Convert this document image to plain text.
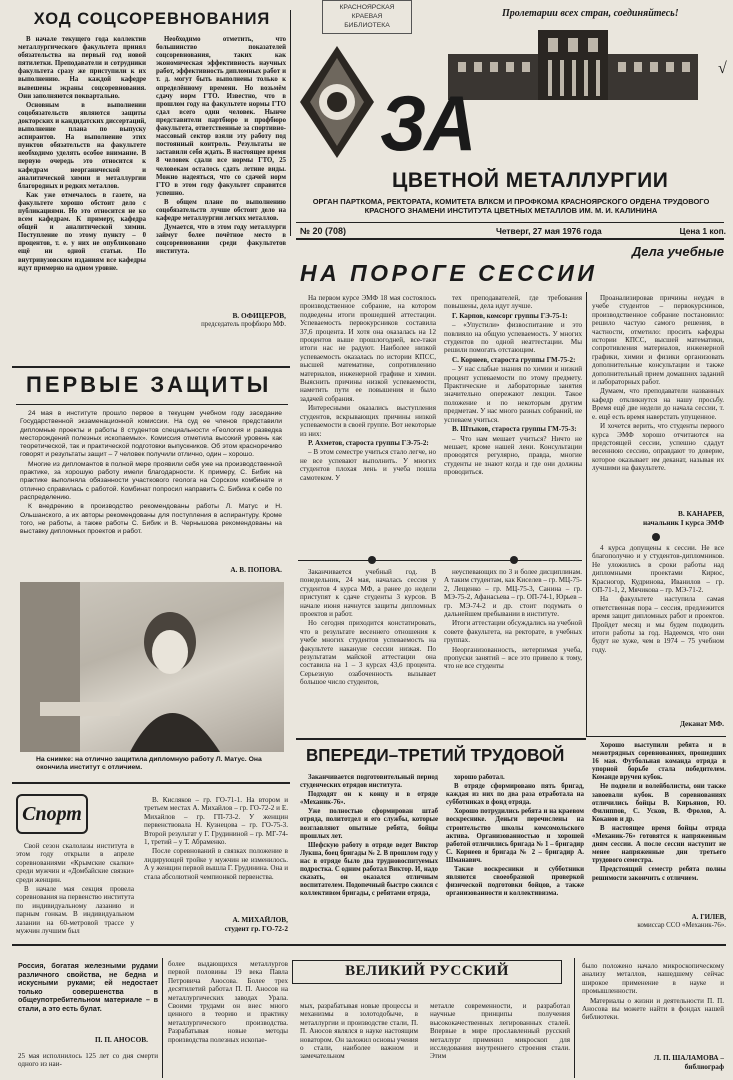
ХОД СОЦСОРЕВНОВАНИЯ

В начале текущего года коллектив металлургического факультета принял обязательства на первый год новой пятилетки. Преподаватели и сотрудники факультета сразу же приступили к их выполнению. На каждой кафедре вывешены экраны соцсоревнования. Они заполняются поквартально.

Основным в выполнении соцобязательств являются защиты докторских и кандидатских диссертаций, выполнение плана по выпуску аспирантов. На выполнение этих пунктов обязательств на факультете необходимо уделять особое внимание. В первую очередь это относится к кафедрам неорганической и аналитической химии и металлургии благородных и редких металлов.

Как уже отмечалось в газете, на факультете хорошо обстоит дело с публикациями. Но это относится не ко всем кафедрам. К примеру, кафедра общей и аналитической химии. Поступление по этому пункту – 0 процентов, т. е. у них не опубликовано ещё ни одной статьи. По внутривузовским изданиям все кафедры идут примерно на одном уровне.

Необходимо отметить, что большинство показателей соцсоревнования, таких как экономическая эффективность научных работ, эффективность дипломных работ и т. д. могут быть выполнены только к определённому времени. Но возьмём сдачу норм ГТО. Известно, что в прошлом году на факультете нормы ГТО сдал всего один человек. Нынче представители партбюро и профбюро факультета, ответственные за спортивно-массовый сектор взяли эту работу под постоянный контроль. Результаты не заставили себя ждать. В настоящее время 8 человек сдали все нормы ГТО, 25 человекам осталось сдать летние виды. Можно надеяться, что со сдачей норм ГТО в этом году факультет справится успешно.

В общем плане по выполнению соцобязательств лучше обстоит дело на кафедре металлургии легких металлов.

Думается, что в этом году металлурги займут более почётное место в соцсоревновании среди факультетов института.

В. ОФИЦЕРОВ,
председатель профбюро МФ.
ПЕРВЫЕ ЗАЩИТЫ

24 мая в институте прошло первое в текущем учебном году заседание Государственной экзаменационной комиссии. На суд ее членов представили дипломные проекты и работы 8 студентов специальности «Геология и разведка месторождений полезных ископаемых». Комиссия отметила высокий уровень как теоретической, так и практической подготовки выпускников. Об этом красноречиво говорят и результаты защит – 7 человек получили отлично, один – хорошо.

Многие из дипломантов в полной мере проявили себя уже на производственной практике, за хорошую работу имели благодарности. К примеру, С. Бибик на практике выполняла обязанности участкового геолога на Сорском комбинате и отлично справилась с работой. Комбинат попросил направить С. Бибика к себе по распределению.

К внедрению в производство рекомендованы работы Л. Матус и Н. Ольшанского, а их авторы рекомендованы для поступления в аспирантуру. Кроме того, не работы, а также работы С. Бибик и В. Чернышова рекомендованы на выставку дипломных проектов и работ.

А. В. ПОПОВА.
На снимке: на отлично защитила дипломную работу Л. Матус. Она окончила институт с отличием.
Спорт

Свой сезон скалолазы института в этом году открыли в апреле соревнованиями «Крымские скалки» среди мужчин и «Домбайские связки» среди женщин.

В начале мая секция провела соревнования на первенство института по индивидуальному лазанию и парным гонкам. В индивидуальном лазании на 60-метровой трассе у мужчин лучшим был

В. Кисляков – гр. ГО-71-1. На втором и третьем местах А. Михайлов – гр. ГО-72-2 и Е. Михайлов – гр. ГП-73-2. У женщин первенствовала Н. Кузнецова – гр. ГО-75-3. Второй результат у Г. Грудининой – гр. МГ-74-1, третий – у Т. Абраменко.

После соревнований в связках положение в лидирующей тройке у мужчин не изменилось. А у женщин первой вышла Г. Грудинина. Она и стала абсолютной чемпионкой первенства.

А. МИХАЙЛОВ,
студент гр. ГО-72-2
КРАСНОЯРСКАЯ
КРАЕВАЯ
БИБЛИОТЕКА
Пролетарии всех стран, соединяйтесь!
√
ЗА
ЦВЕТНОЙ МЕТАЛЛУРГИИ
ОРГАН ПАРТКОМА, РЕКТОРАТА, КОМИТЕТА ВЛКСМ И ПРОФКОМА КРАСНОЯРСКОГО ОРДЕНА ТРУДОВОГО КРАСНОГО ЗНАМЕНИ ИНСТИТУТА ЦВЕТНЫХ МЕТАЛЛОВ ИМ. М. И. КАЛИНИНА
№ 20 (708)	Четверг, 27 мая 1976 года	Цена 1 коп.
Дела учебные
НА ПОРОГЕ СЕССИИ

На первом курсе ЭМФ 18 мая состоялось производственное собрание, на котором подведены итоги прошедшей аттестации. Успеваемость первокурсников составила 37,6 процента. И хотя она оказалась на 12 процентов выше прошлогодней, все-таки итоги нас не радуют. Наиболее низкой успеваемость оказалась по истории КПСС, высшей математике, сопротивлению материалов, инженерной графике и химии. Выяснить причины низкой успеваемости, наметить пути ее повышения и было задачей собрания.

Интересными оказались выступления студентов, вскрывающих причины низкой успеваемости в своей группе. Вот некоторые из них:

Р. Ахметов, староста группы ГЭ-75-2:

– В этом семестре учиться стало легче, но не все успевают выполнить. У многих студентов плохая лень и учеба пошла самотеком. У

тех преподавателей, где требования повышены, дела идут лучше.

Г. Карпов, комсорг группы ГЭ-75-1:

– «Упустили» физвоспитание и это повлияло на общую успеваемость. У многих студентов по одной неаттестации. Мы решили помогать отстающим.

С. Корнеев, староста группы ГМ-75-2:

– У нас слабые знания по химии и низкий процент успеваемости по этому предмету. Практические и лабораторные занятия значительно опережают лекции. Такое положение и по некоторым другим предметам. У нас много разных собраний, не успеваем учиться.

В. Штыков, староста группы ГМ-75-3:

– Что нам мешает учиться? Ничто не мешает, кроме нашей лени. Консультации проводятся регулярно, правда, многие студенты не знают когда и где они должны проводиться.

Проанализировав причины неудач в учебе студентов – первокурсников, производственное собрание постановило: решило частую самого решения, в частности, отметило: просить кафедры истории КПСС, высшей математики, сопротивления материалов, инженерной графики, химии и физики организовать дополнительные консультации и также дополнительный прием домашних заданий и лабораторных работ.

Думаем, что преподаватели названных кафедр откликнутся на нашу просьбу. Время ещё две недели до начала сессии, т. е. ещё есть время наверстать упущенное.

И хочется верить, что студенты первого курса ЭМФ хорошо отчитаются на предстоящей сессии, успешно сдадут весеннюю сессию, оправдают то доверие, которое оказывает им деканат, называя их лучшими на факультете.

В. КАНАРЕВ,
начальник I курса ЭМФ

Заканчивается учебный год. В понедельник, 24 мая, началась сессия у студентов 4 курса МФ, а ранее до недели приступят к сдаче студенты 3 курсов. В начале июня начнутся защиты дипломных проектов и работ.

Но сегодня приходится констатировать, что в результате весеннего отношения к учебе многих студентов успеваемость на факультете накануне сессии низкая. По результатам майской аттестации она составила на 1 – 3 курсах 43,6 процента. Серьезную озабоченность вызывает большое число студентов,

неуспевающих по 3 и более дисциплинам. А таким студентам, как Киселев – гр. МЦ-75-2, Лещенко – гр. МЦ-75-3, Санина – гр. МЭ-75-2, Афанасьева – гр. ОП-74-1, Юрьев – гр. МЭ-74-2 и др. стоит подумать о дальнейшем пребывании в институте.

Итоги аттестации обсуждались на учебной совете факультета, на ректорате, в учебных группах.

Неорганизованность, нетерпимая учеба, пропуски занятий – все это привело к тому, что не все студенты

4 курса допущены к сессии. Не все благополучно и у студентов-дипломников. Не уложились в сроки работы над дипломными проектами Кирюс, Красногор, Кудринова, Иванилов – гр. ОП-71-1, 2, Мячикова – гр. МЭ-71-2.

На факультете наступила самая ответственная пора – сессия, предлежится время защит дипломных работ и проектов. Пройдет месяц и мы будем подводить итоги работы за год. Надеемся, что они будут не хуже, чем в 1974 – 75 учебном году.

Деканат МФ.
ВПЕРЕДИ–ТРЕТИЙ ТРУДОВОЙ

Заканчивается подготовительный период студенческих отрядов института.

Подходят он к концу и в отряде «Механик-76».

Уже полностью сформирован штаб отряда, политотдел и его службы, которые возглавляют опытные ребята, бойцы прошлых лет.

Шефскую работу в отряде ведет Виктор Лукша, боец бригады № 2. В прошлом году у нас в отряде было два трудновоспитуемых подростка. С одним работал Виктор. И, надо сказать, он оказался отличным воспитателем. Подопечный быстро сжился с коллективом бригады, с ребятами отряда,

хорошо работал.

В отряде сформировано пять бригад, каждая из них по два раза отработала на субботниках в фонд отряда.

Хорошо потрудились ребята и на краевом воскреснике. Деньги перечислены на строительство школы комсомольского актива. Организованностью и хорошей работой отличились бригада № 1 – бригадир С. Корнеев и бригада № 2 – бригадир А. Шманавич.

Также воскресники и субботники являются своеобразной проверкой физической подготовки бойцов, а также организованности и коллективизма.

Хорошо выступили ребята и в межотрядных соревнованиях, прошедших 16 мая. Футбольная команда отряда в упорной борьбе стала победителем. Команде вручен кубок.

Не подвели и волейболисты, они также завоевали кубок. В соревнованиях отличились бойцы В. Кирьянов, Ю. Филиппов, С. Усков, В. Фролов, А. Коканов и др.

В настоящее время бойцы отряда «Механик-76» готовятся к напряженным дням сессии. А после сессии наступит не менее напряженные дни третьего трудового семестра.

Предстоящий семестр ребята полны решимости закончить с отличием.

А. ГИЛЕВ,
комиссар ССО «Механик-76».
Россия, богатая железными рудами различного свойства, не бедна и искусными руками; ей недостает только совершенства в общеупотребительном материале – в стали, а это есть булат.
П. П. АНОСОВ.
25 мая исполнилось 125 лет со дня смерти одного из наи-
более выдающихся металлургов первой половины 19 века Павла Петровича Аносова. Более трех десятилетий работал П. П. Аносов на металлургических заводах Урала. Своими трудами он внес много ценного в теорию и практику металлургического производства. Разрабатывая новые методы производства полезных ископае-
ВЕЛИКИЙ РУССКИЙ
мых, разрабатывая новые процессы и механизмы в золотодобыче, в металлургии и производстве стали, П. П. Аносов являлся в науке настоящим новатором. Он заложил основы учения о стали, наиболее важном и замечательном
металле современности, и разработал научные принципы получения высококачественных легированных сталей. Впервые в мире прославленный русский металлург применил микроскоп для исследования внутреннего строения стали. Этим

было положено начало микроскопическому анализу металлов, нашедшему сейчас широкое применение в науке и промышленности.

Материалы о жизни и деятельности П. П. Аносова вы можете найти в фондах нашей библиотеки.

Л. П. ШАЛАМОВА –
библиограф
